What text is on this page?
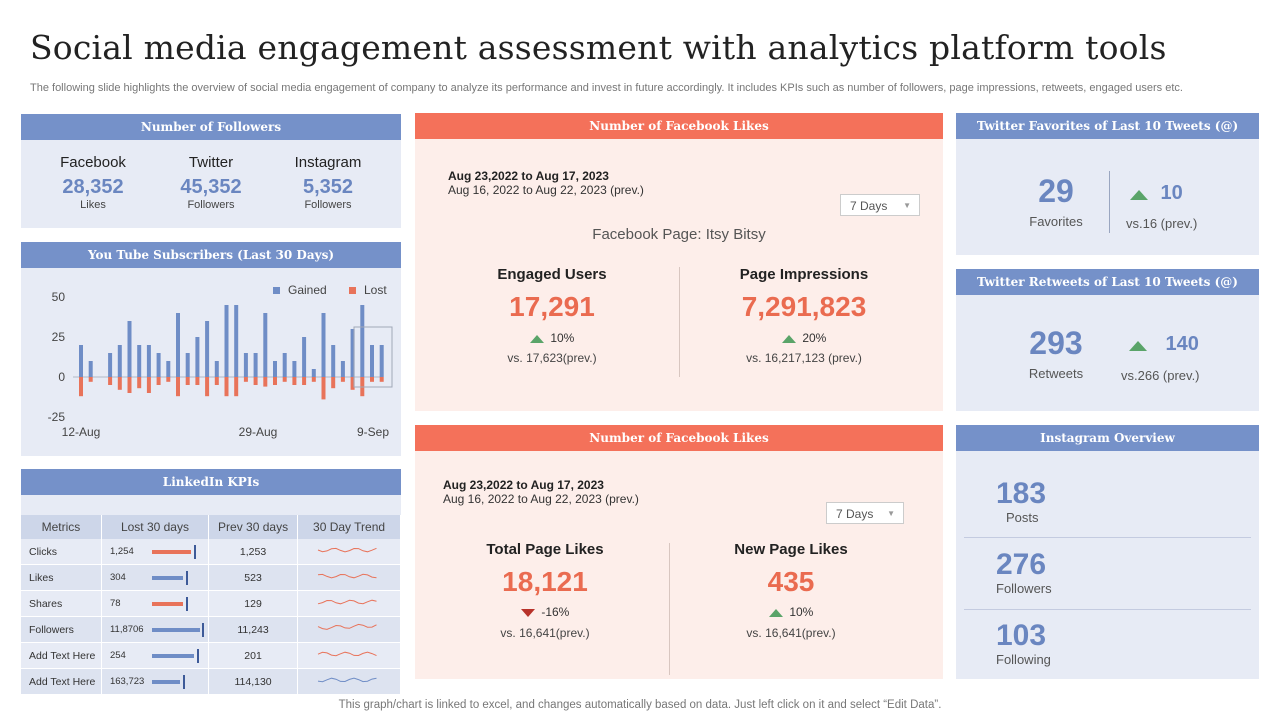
Social media engagement assessment with analytics platform tools
The following slide highlights the overview of social media engagement of company to analyze its performance and invest in future accordingly. It includes KPIs such as number of followers, page impressions, retweets, engaged users etc.
Number of Followers
Facebook
28,352
Likes
Twitter
45,352
Followers
Instagram
5,352
Followers
You Tube Subscribers (Last 30 Days)
50
25
0
-25
12-Aug	29-Aug	9-Sep
Gained	Lost
LinkedIn KPIs
Metrics	Lost 30 days	Prev 30 days	30 Day Trend
Clicks	1,254	1,253	
Likes	304	523	
Shares	78	129	
Followers	11,8706	11,243	
Add Text Here	254	201	
Add Text Here	163,723	114,130	
Number of Facebook Likes
Aug 23,2022 to Aug 17, 2023
Aug 16, 2022 to Aug 22, 2023 (prev.)
7 Days ▼
Facebook Page: Itsy Bitsy
Engaged Users
17,291
10%
vs. 17,623(prev.)
Page Impressions
7,291,823
20%
vs. 16,217,123 (prev.)
Number of Facebook Likes
Aug 23,2022 to Aug 17, 2023
Aug 16, 2022 to Aug 22, 2023 (prev.)
7 Days ▼
Total Page Likes
18,121
-16%
vs. 16,641(prev.)
New Page Likes
435
10%
vs. 16,641(prev.)
Twitter Favorites of Last 10 Tweets (@)
29
Favorites
10
vs.16 (prev.)
Twitter Retweets of Last 10 Tweets (@)
293
Retweets
140
vs.266 (prev.)
Instagram Overview
183
Posts
276
Followers
103
Following
This graph/chart is linked to excel, and changes automatically based on data. Just left click on it and select “Edit Data”.
